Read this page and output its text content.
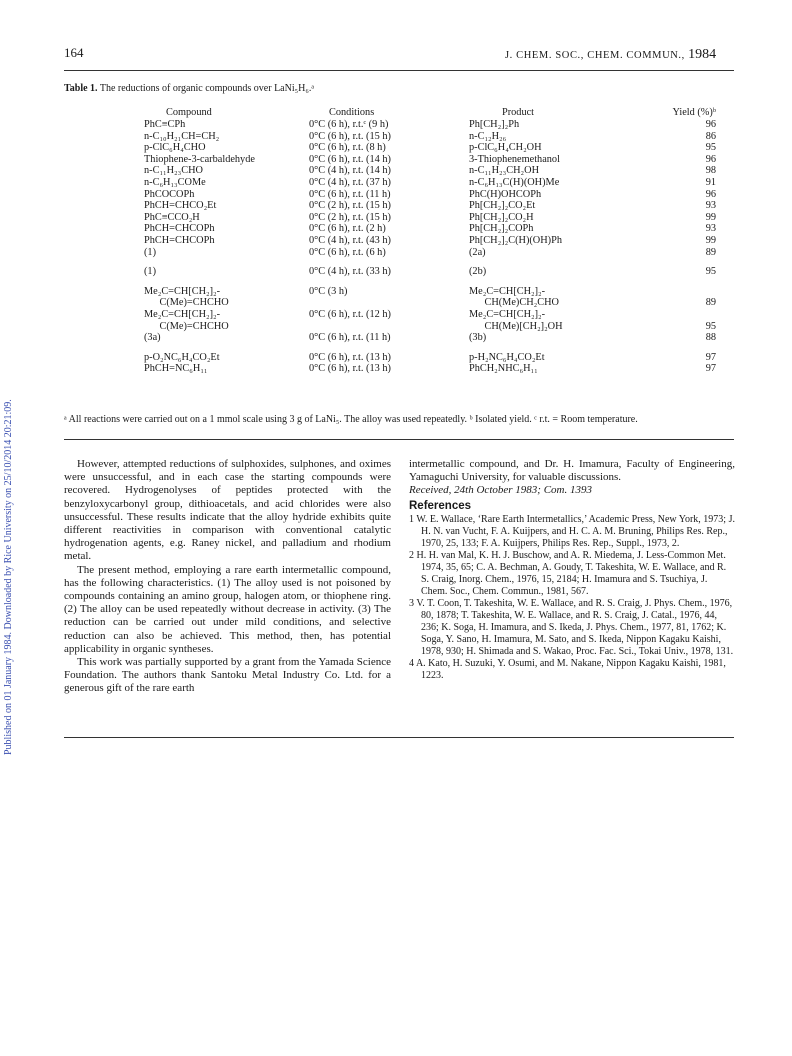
164	J. CHEM. SOC., CHEM. COMMUN., 1984
Published on 01 January 1984. Downloaded by Rice University on 25/10/2014 20:21:09.
Table 1. The reductions of organic compounds over LaNi₅H₆.ᵃ
Compound	Conditions	Product	Yield (%)ᵇ
PhC≡CPh	0°C (6 h), r.t.ᶜ (9 h)	Ph[CH₂]₂Ph	96
n-C₁₀H₂₁CH=CH₂	0°C (6 h), r.t. (15 h)	n-C₁₂H₂₆	86
p-ClC₆H₄CHO	0°C (6 h), r.t. (8 h)	p-ClC₆H₄CH₂OH	95
Thiophene-3-carbaldehyde	0°C (6 h), r.t. (14 h)	3-Thiophenemethanol	96
n-C₁₁H₂₃CHO	0°C (4 h), r.t. (14 h)	n-C₁₁H₂₃CH₂OH	98
n-C₆H₁₃COMe	0°C (4 h), r.t. (37 h)	n-C₆H₁₃C(H)(OH)Me	91
PhCOCOPh	0°C (6 h), r.t. (11 h)	PhC(H)OHCOPh	96
PhCH=CHCO₂Et	0°C (2 h), r.t. (15 h)	Ph[CH₂]₂CO₂Et	93
PhC≡CCO₂H	0°C (2 h), r.t. (15 h)	Ph[CH₂]₂CO₂H	99
PhCH=CHCOPh	0°C (6 h), r.t. (2 h)	Ph[CH₂]₂COPh	93
PhCH=CHCOPh	0°C (4 h), r.t. (43 h)	Ph[CH₂]₂C(H)(OH)Ph	99
(1)	0°C (6 h), r.t. (6 h)	(2a)	89
(1)	0°C (4 h), r.t. (33 h)	(2b)	95
Me₂C=CH[CH₂]₂-	0°C (3 h)	Me₂C=CH[CH₂]₂-	
C(Me)=CHCHO		CH(Me)CH₂CHO	89
Me₂C=CH[CH₂]₂-	0°C (6 h), r.t. (12 h)	Me₂C=CH[CH₂]₂-	
C(Me)=CHCHO		CH(Me)[CH₂]₂OH	95
(3a)	0°C (6 h), r.t. (11 h)	(3b)	88
p-O₂NC₆H₄CO₂Et	0°C (6 h), r.t. (13 h)	p-H₂NC₆H₄CO₂Et	97
PhCH=NC₆H₁₁	0°C (6 h), r.t. (13 h)	PhCH₂NHC₆H₁₁	97
ᵃ All reactions were carried out on a 1 mmol scale using 3 g of LaNi₅. The alloy was used repeatedly. ᵇ Isolated yield. ᶜ r.t. = Room temperature.

However, attempted reductions of sulphoxides, sulphones, and oximes were unsuccessful, and in each case the starting compounds were recovered. Hydrogenolyses of peptides protected with the benzyloxycarbonyl group, dithioacetals, and acid chlorides were also unsuccessful. These results indicate that the alloy hydride exhibits quite different reactivities in comparison with conventional catalytic hydrogenation agents, e.g. Raney nickel, and palladium and rhodium metal.

The present method, employing a rare earth intermetallic compound, has the following characteristics. (1) The alloy used is not poisoned by compounds containing an amino group, halogen atom, or thiophene ring. (2) The alloy can be used repeatedly without decrease in activity. (3) The reduction can be carried out under mild conditions, and selective reduction can also be achieved. This method, then, has potential applicability in organic syntheses.

This work was partially supported by a grant from the Yamada Science Foundation. The authors thank Santoku Metal Industry Co. Ltd. for a generous gift of the rare earth

intermetallic compound, and Dr. H. Imamura, Faculty of Engineering, Yamaguchi University, for valuable discussions.

Received, 24th October 1983; Com. 1393

References

1 W. E. Wallace, ‘Rare Earth Intermetallics,’ Academic Press, New York, 1973; J. H. N. van Vucht, F. A. Kuijpers, and H. C. A. M. Bruning, Philips Res. Rep., 1970, 25, 133; F. A. Kuijpers, Philips Res. Rep., Suppl., 1973, 2.

2 H. H. van Mal, K. H. J. Buschow, and A. R. Miedema, J. Less-Common Met. 1974, 35, 65; C. A. Bechman, A. Goudy, T. Takeshita, W. E. Wallace, and R. S. Craig, Inorg. Chem., 1976, 15, 2184; H. Imamura and S. Tsuchiya, J. Chem. Soc., Chem. Commun., 1981, 567.

3 V. T. Coon, T. Takeshita, W. E. Wallace, and R. S. Craig, J. Phys. Chem., 1976, 80, 1878; T. Takeshita, W. E. Wallace, and R. S. Craig, J. Catal., 1976, 44, 236; K. Soga, H. Imamura, and S. Ikeda, J. Phys. Chem., 1977, 81, 1762; K. Soga, Y. Sano, H. Imamura, M. Sato, and S. Ikeda, Nippon Kagaku Kaishi, 1978, 930; H. Shimada and S. Wakao, Proc. Fac. Sci., Tokai Univ., 1978, 131.

4 A. Kato, H. Suzuki, Y. Osumi, and M. Nakane, Nippon Kagaku Kaishi, 1981, 1223.
